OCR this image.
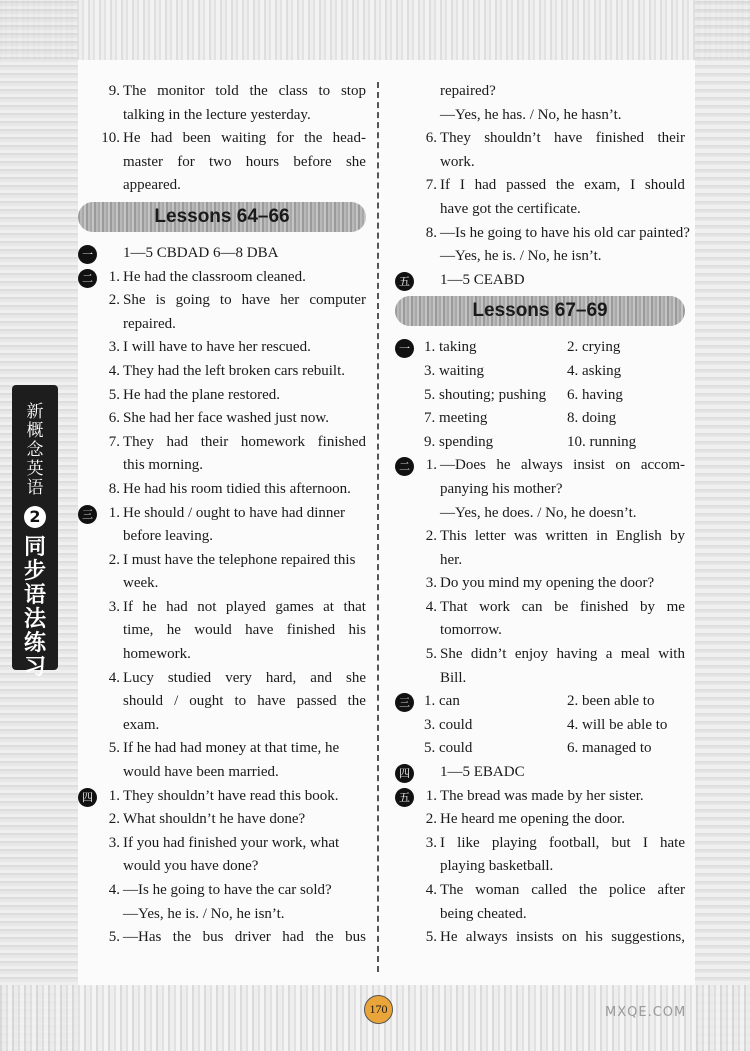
新概念英语
2
同步语法练习
9. The monitor told the class to stop
talking in the lecture yesterday.
10. He had been waiting for the head-
master for two hours before she
appeared.
Lessons 64–66
一 1—5 CBDAD 6—8 DBA
二	1. He had the classroom cleaned.
2. She is going to have her computer
repaired.
3. I will have to have her rescued.
4. They had the left broken cars rebuilt.
5. He had the plane restored.
6. She had her face washed just now.
7. They had their homework finished
this morning.
8. He had his room tidied this afternoon.
三	1. He should / ought to have had dinner
before leaving.
2. I must have the telephone repaired this
week.
3. If he had not played games at that
time, he would have finished his
homework.
4. Lucy studied very hard, and she
should / ought to have passed the
exam.
5. If he had had money at that time, he
would have been married.
四	1. They shouldn’t have read this book.
2. What shouldn’t he have done?
3. If you had finished your work, what
would you have done?
4. —Is he going to have the car sold?
—Yes, he is. / No, he isn’t.
5. —Has the bus driver had the bus
repaired?
—Yes, he has. / No, he hasn’t.
6. They shouldn’t have finished their
work.
7. If I had passed the exam, I should
have got the certificate.
8. —Is he going to have his old car painted?
—Yes, he is. / No, he isn’t.
五 1—5 CEABD
Lessons 67–69
一 1. taking	2. crying
3. waiting	4. asking
5. shouting; pushing 6. having
7. meeting	8. doing
9. spending	10. running
二	1. —Does he always insist on accom-
panying his mother?
—Yes, he does. / No, he doesn’t.
2. This letter was written in English by
her.
3. Do you mind my opening the door?
4. That work can be finished by me
tomorrow.
5. She didn’t enjoy having a meal with
Bill.
三 1. can	2. been able to
3. could	4. will be able to
5. could	6. managed to
四 1—5 EBADC
五	1. The bread was made by her sister.
2. He heard me opening the door.
3. I like playing football, but I hate
playing basketball.
4. The woman called the police after
being cheated.
5. He always insists on his suggestions,
170	MXQE.COM
